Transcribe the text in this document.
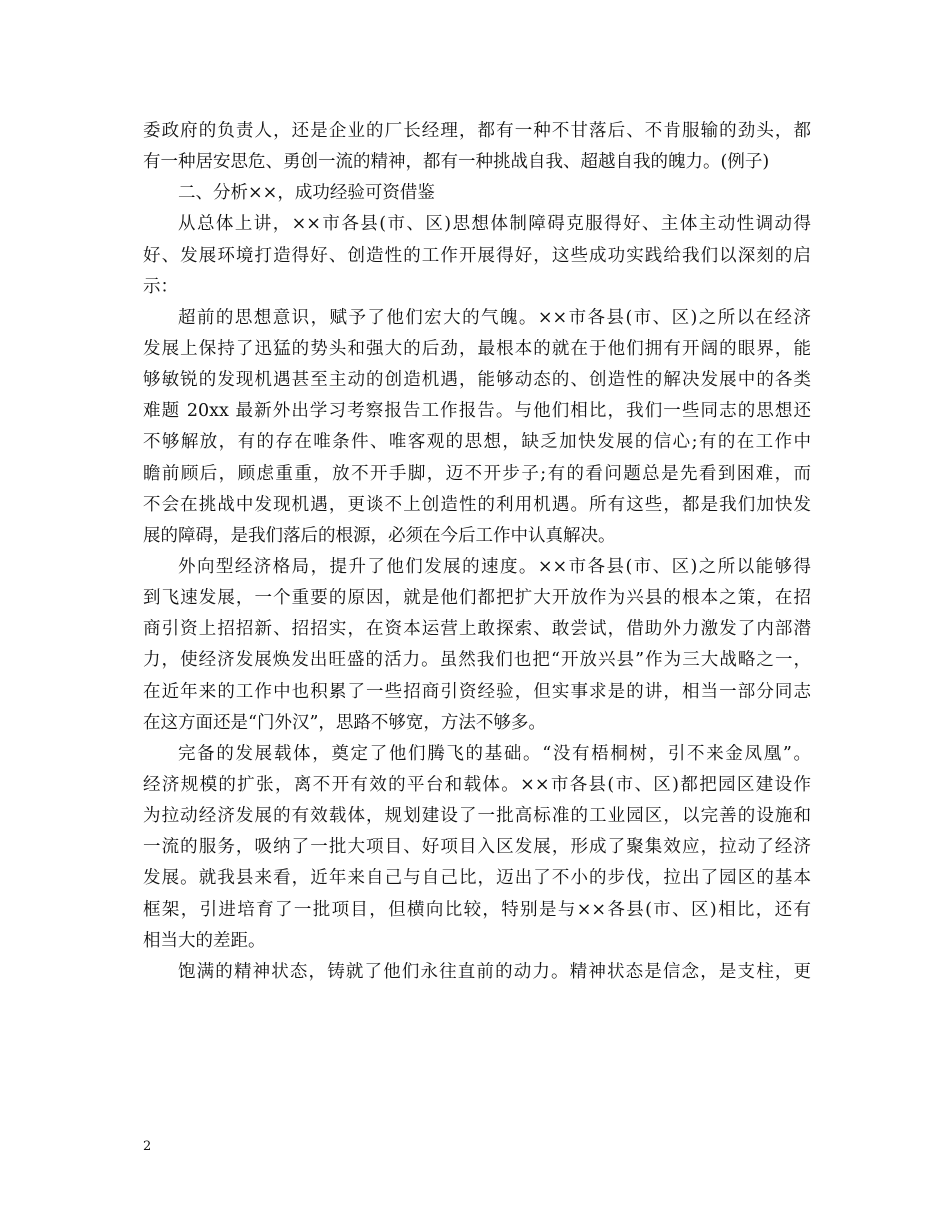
委政府的负责人，还是企业的厂长经理，都有一种不甘落后、不肯服输的劲头，都
有一种居安思危、勇创一流的精神，都有一种挑战自我、超越自我的魄力。(例子)
二、分析××，成功经验可资借鉴
从总体上讲，××市各县(市、区)思想体制障碍克服得好、主体主动性调动得
好、发展环境打造得好、创造性的工作开展得好，这些成功实践给我们以深刻的启
示：
超前的思想意识，赋予了他们宏大的气魄。××市各县(市、区)之所以在经济
发展上保持了迅猛的势头和强大的后劲，最根本的就在于他们拥有开阔的眼界，能
够敏锐的发现机遇甚至主动的创造机遇，能够动态的、创造性的解决发展中的各类
难题 20xx 最新外出学习考察报告工作报告。与他们相比，我们一些同志的思想还
不够解放，有的存在唯条件、唯客观的思想，缺乏加快发展的信心;有的在工作中
瞻前顾后，顾虑重重，放不开手脚，迈不开步子;有的看问题总是先看到困难，而
不会在挑战中发现机遇，更谈不上创造性的利用机遇。所有这些，都是我们加快发
展的障碍，是我们落后的根源，必须在今后工作中认真解决。
外向型经济格局，提升了他们发展的速度。××市各县(市、区)之所以能够得
到飞速发展，一个重要的原因，就是他们都把扩大开放作为兴县的根本之策，在招
商引资上招招新、招招实，在资本运营上敢探索、敢尝试，借助外力激发了内部潜
力，使经济发展焕发出旺盛的活力。虽然我们也把“开放兴县”作为三大战略之一，
在近年来的工作中也积累了一些招商引资经验，但实事求是的讲，相当一部分同志
在这方面还是“门外汉”，思路不够宽，方法不够多。
完备的发展载体，奠定了他们腾飞的基础。“没有梧桐树，引不来金凤凰”。
经济规模的扩张，离不开有效的平台和载体。××市各县(市、区)都把园区建设作
为拉动经济发展的有效载体，规划建设了一批高标准的工业园区，以完善的设施和
一流的服务，吸纳了一批大项目、好项目入区发展，形成了聚集效应，拉动了经济
发展。就我县来看，近年来自己与自己比，迈出了不小的步伐，拉出了园区的基本
框架，引进培育了一批项目，但横向比较，特别是与××各县(市、区)相比，还有
相当大的差距。
饱满的精神状态，铸就了他们永往直前的动力。精神状态是信念，是支柱，更
2
